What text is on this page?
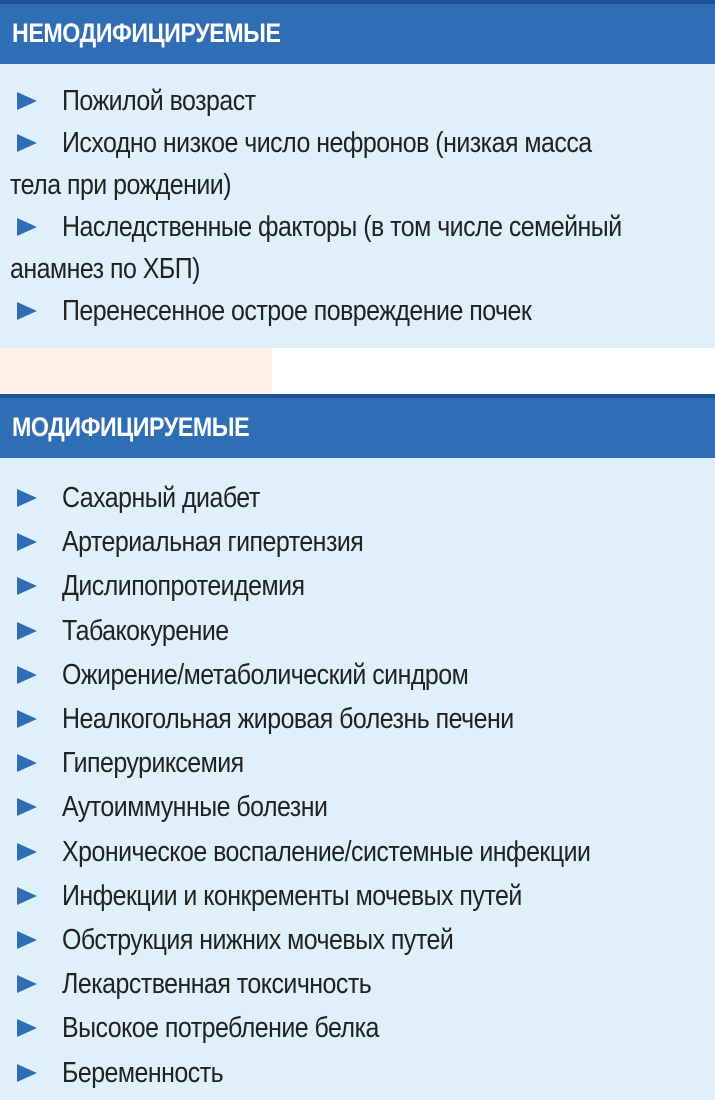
НЕМОДИФИЦИРУЕМЫЕ
Пожилой возраст
Исходно низкое число нефронов (низкая масса
тела при рождении)
Наследственные факторы (в том числе семейный
анамнез по ХБП)
Перенесенное острое повреждение почек
МОДИФИЦИРУЕМЫЕ
Сахарный диабет
Артериальная гипертензия
Дислипопротеидемия
Табакокурение
Ожирение/метаболический синдром
Неалкогольная жировая болезнь печени
Гиперурикcемия
Аутоиммунные болезни
Хроническое воспаление/системные инфекции
Инфекции и конкременты мочевых путей
Обструкция нижних мочевых путей
Лекарственная токсичность
Высокое потребление белка
Беременность
